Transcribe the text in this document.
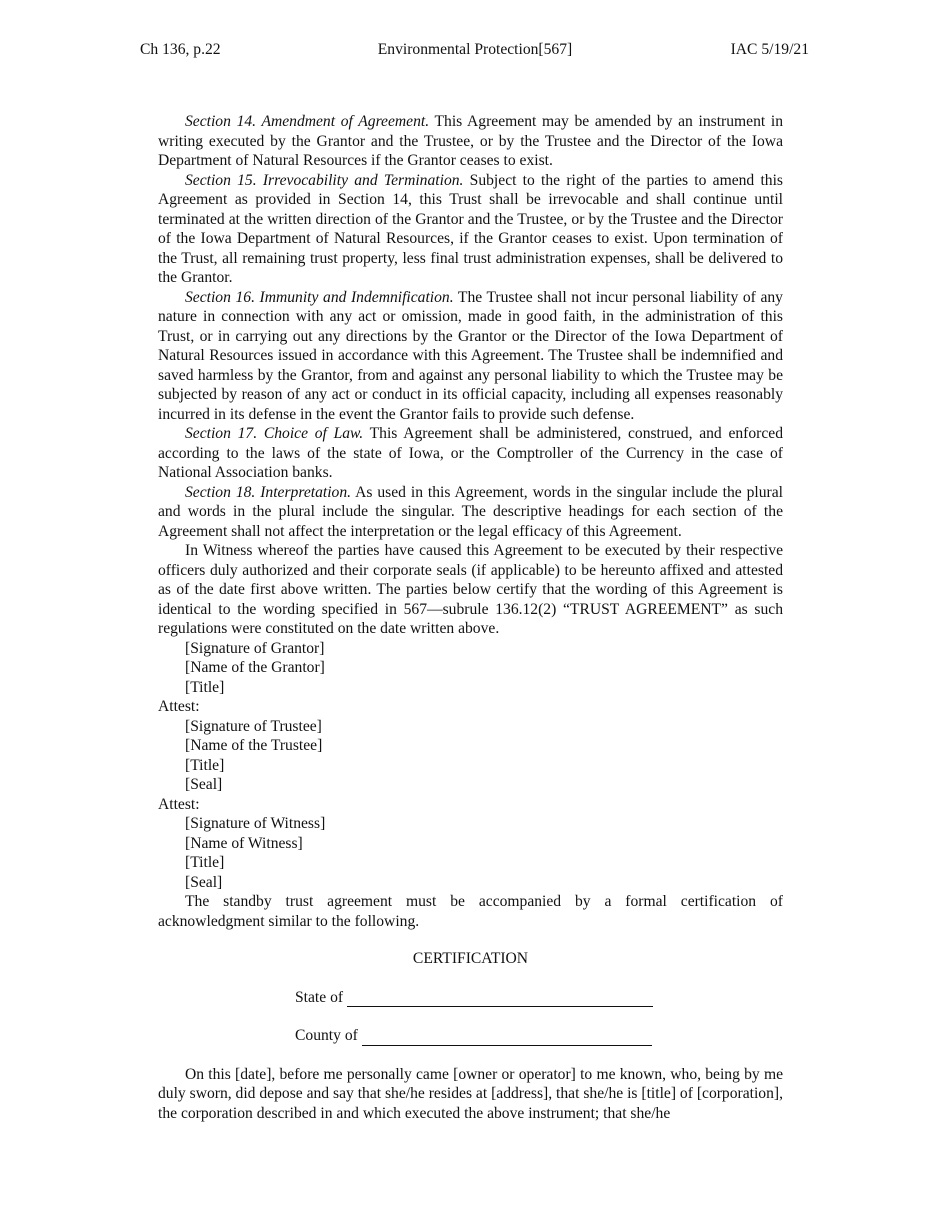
Ch 136, p.22	Environmental Protection[567]	IAC 5/19/21

Section 14. Amendment of Agreement. This Agreement may be amended by an instrument in writing executed by the Grantor and the Trustee, or by the Trustee and the Director of the Iowa Department of Natural Resources if the Grantor ceases to exist.

Section 15. Irrevocability and Termination. Subject to the right of the parties to amend this Agreement as provided in Section 14, this Trust shall be irrevocable and shall continue until terminated at the written direction of the Grantor and the Trustee, or by the Trustee and the Director of the Iowa Department of Natural Resources, if the Grantor ceases to exist. Upon termination of the Trust, all remaining trust property, less final trust administration expenses, shall be delivered to the Grantor.

Section 16. Immunity and Indemnification. The Trustee shall not incur personal liability of any nature in connection with any act or omission, made in good faith, in the administration of this Trust, or in carrying out any directions by the Grantor or the Director of the Iowa Department of Natural Resources issued in accordance with this Agreement. The Trustee shall be indemnified and saved harmless by the Grantor, from and against any personal liability to which the Trustee may be subjected by reason of any act or conduct in its official capacity, including all expenses reasonably incurred in its defense in the event the Grantor fails to provide such defense.

Section 17. Choice of Law. This Agreement shall be administered, construed, and enforced according to the laws of the state of Iowa, or the Comptroller of the Currency in the case of National Association banks.

Section 18. Interpretation. As used in this Agreement, words in the singular include the plural and words in the plural include the singular. The descriptive headings for each section of the Agreement shall not affect the interpretation or the legal efficacy of this Agreement.

In Witness whereof the parties have caused this Agreement to be executed by their respective officers duly authorized and their corporate seals (if applicable) to be hereunto affixed and attested as of the date first above written. The parties below certify that the wording of this Agreement is identical to the wording specified in 567—subrule 136.12(2) “TRUST AGREEMENT” as such regulations were constituted on the date written above.

[Signature of Grantor]

[Name of the Grantor]

[Title]

Attest:

[Signature of Trustee]

[Name of the Trustee]

[Title]

[Seal]

Attest:

[Signature of Witness]

[Name of Witness]

[Title]

[Seal]

The standby trust agreement must be accompanied by a formal certification of acknowledgment similar to the following.

CERTIFICATION

State of

County of

On this [date], before me personally came [owner or operator] to me known, who, being by me duly sworn, did depose and say that she/he resides at [address], that she/he is [title] of [corporation], the corporation described in and which executed the above instrument; that she/he
